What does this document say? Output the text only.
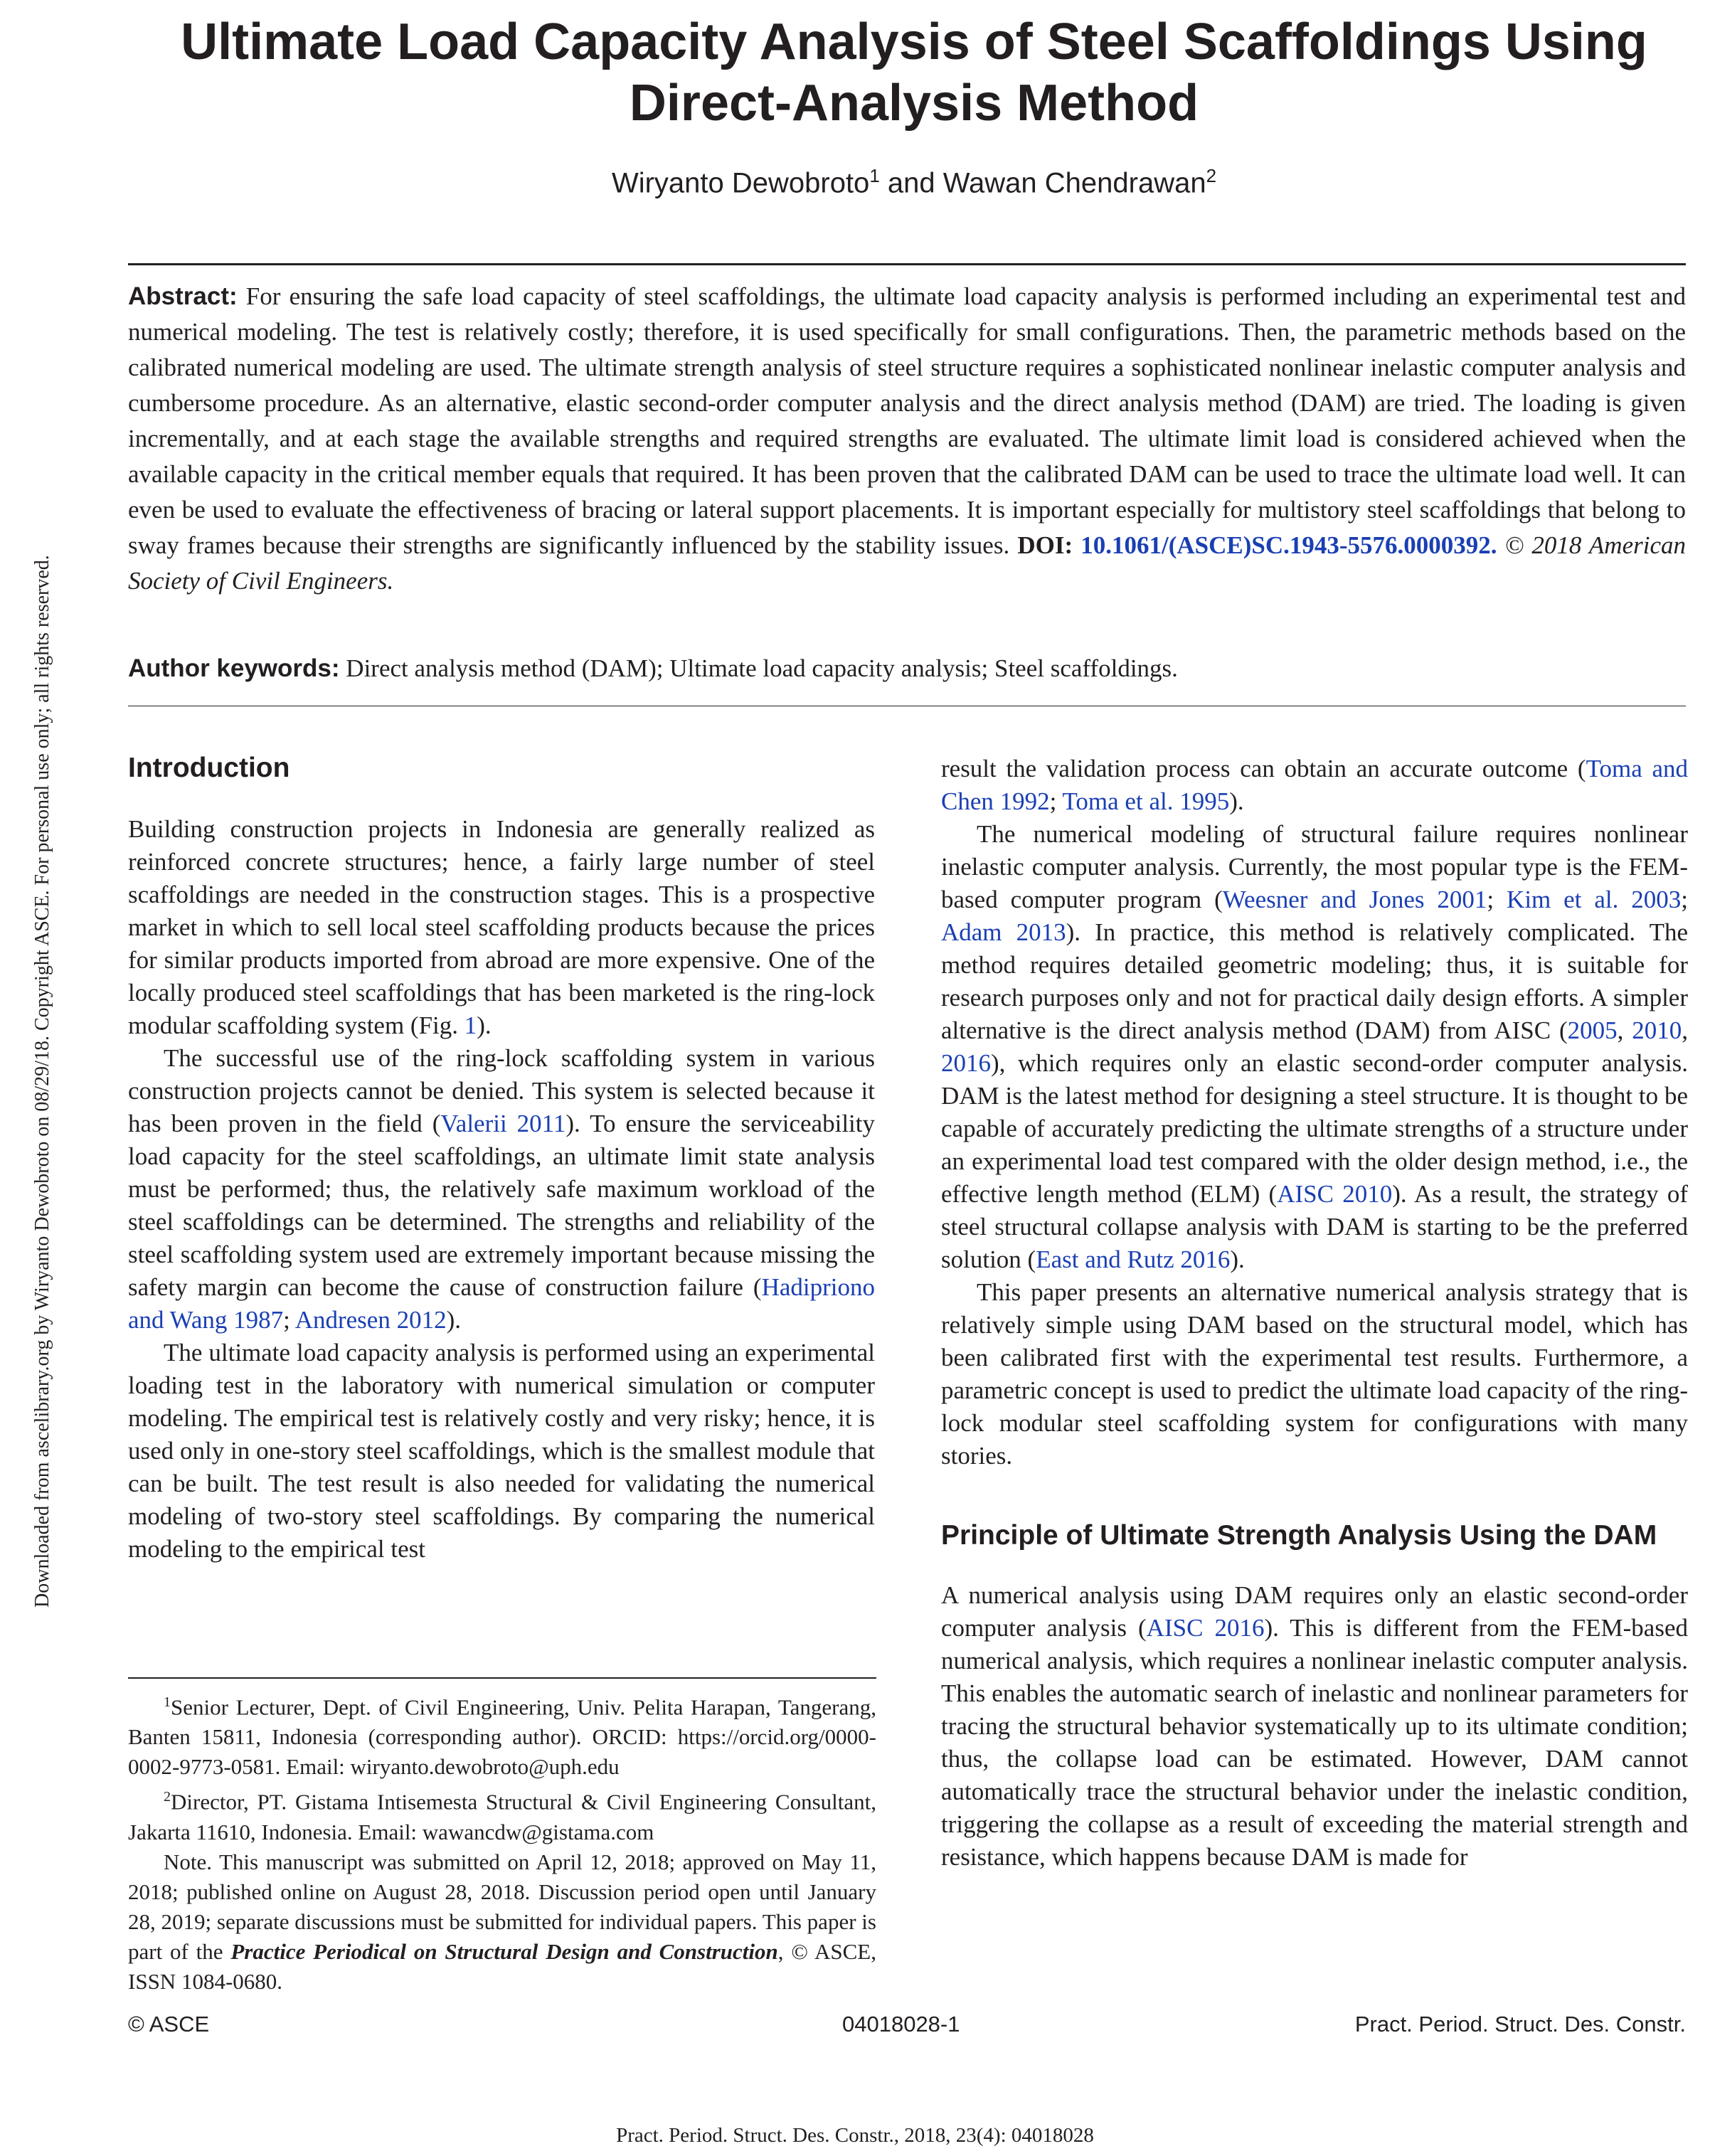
Downloaded from ascelibrary.org by Wiryanto Dewobroto on 08/29/18. Copyright ASCE. For personal use only; all rights reserved.
Ultimate Load Capacity Analysis of Steel Scaffoldings Using Direct-Analysis Method
Wiryanto Dewobroto$^1$ and Wawan Chendrawan$^2$

Abstract: For ensuring the safe load capacity of steel scaffoldings, the ultimate load capacity analysis is performed including an experimental test and numerical modeling. The test is relatively costly; therefore, it is used specifically for small configurations. Then, the parametric methods based on the calibrated numerical modeling are used. The ultimate strength analysis of steel structure requires a sophisticated nonlinear inelastic computer analysis and cumbersome procedure. As an alternative, elastic second-order computer analysis and the direct analysis method (DAM) are tried. The loading is given incrementally, and at each stage the available strengths and required strengths are evaluated. The ultimate limit load is considered achieved when the available capacity in the critical member equals that required. It has been proven that the calibrated DAM can be used to trace the ultimate load well. It can even be used to evaluate the effectiveness of bracing or lateral support placements. It is important especially for multistory steel scaffoldings that belong to sway frames because their strengths are significantly influenced by the stability issues. DOI: 10.1061/(ASCE)SC.1943-5576.0000392. © 2018 American Society of Civil Engineers.

Author keywords: Direct analysis method (DAM); Ultimate load capacity analysis; Steel scaffoldings.

Introduction

Building construction projects in Indonesia are generally realized as reinforced concrete structures; hence, a fairly large number of steel scaffoldings are needed in the construction stages. This is a prospective market in which to sell local steel scaffolding products because the prices for similar products imported from abroad are more expensive. One of the locally produced steel scaffoldings that has been marketed is the ring-lock modular scaffolding system (Fig. 1).

The successful use of the ring-lock scaffolding system in various construction projects cannot be denied. This system is selected because it has been proven in the field (Valerii 2011). To ensure the serviceability load capacity for the steel scaffoldings, an ultimate limit state analysis must be performed; thus, the relatively safe maximum workload of the steel scaffoldings can be determined. The strengths and reliability of the steel scaffolding system used are extremely important because missing the safety margin can become the cause of construction failure (Hadipriono and Wang 1987; Andresen 2012).

The ultimate load capacity analysis is performed using an experimental loading test in the laboratory with numerical simulation or computer modeling. The empirical test is relatively costly and very risky; hence, it is used only in one-story steel scaffoldings, which is the smallest module that can be built. The test result is also needed for validating the numerical modeling of two-story steel scaffoldings. By comparing the numerical modeling to the empirical test

$^1$Senior Lecturer, Dept. of Civil Engineering, Univ. Pelita Harapan, Tangerang, Banten 15811, Indonesia (corresponding author). ORCID: https://orcid.org/0000-0002-9773-0581. Email: wiryanto.dewobroto@uph.edu

$^2$Director, PT. Gistama Intisemesta Structural & Civil Engineering Consultant, Jakarta 11610, Indonesia. Email: wawancdw@gistama.com

Note. This manuscript was submitted on April 12, 2018; approved on May 11, 2018; published online on August 28, 2018. Discussion period open until January 28, 2019; separate discussions must be submitted for individual papers. This paper is part of the Practice Periodical on Structural Design and Construction, © ASCE, ISSN 1084-0680.

result the validation process can obtain an accurate outcome (Toma and Chen 1992; Toma et al. 1995).

The numerical modeling of structural failure requires nonlinear inelastic computer analysis. Currently, the most popular type is the FEM-based computer program (Weesner and Jones 2001; Kim et al. 2003; Adam 2013). In practice, this method is relatively complicated. The method requires detailed geometric modeling; thus, it is suitable for research purposes only and not for practical daily design efforts. A simpler alternative is the direct analysis method (DAM) from AISC (2005, 2010, 2016), which requires only an elastic second-order computer analysis. DAM is the latest method for designing a steel structure. It is thought to be capable of accurately predicting the ultimate strengths of a structure under an experimental load test compared with the older design method, i.e., the effective length method (ELM) (AISC 2010). As a result, the strategy of steel structural collapse analysis with DAM is starting to be the preferred solution (East and Rutz 2016).

This paper presents an alternative numerical analysis strategy that is relatively simple using DAM based on the structural model, which has been calibrated first with the experimental test results. Furthermore, a parametric concept is used to predict the ultimate load capacity of the ring-lock modular steel scaffolding system for configurations with many stories.

Principle of Ultimate Strength Analysis Using the DAM

A numerical analysis using DAM requires only an elastic second-order computer analysis (AISC 2016). This is different from the FEM-based numerical analysis, which requires a nonlinear inelastic computer analysis. This enables the automatic search of inelastic and nonlinear parameters for tracing the structural behavior systematically up to its ultimate condition; thus, the collapse load can be estimated. However, DAM cannot automatically trace the structural behavior under the inelastic condition, triggering the collapse as a result of exceeding the material strength and resistance, which happens because DAM is made for

© ASCE	04018028-1	Pract. Period. Struct. Des. Constr.
Pract. Period. Struct. Des. Constr., 2018, 23(4): 04018028
